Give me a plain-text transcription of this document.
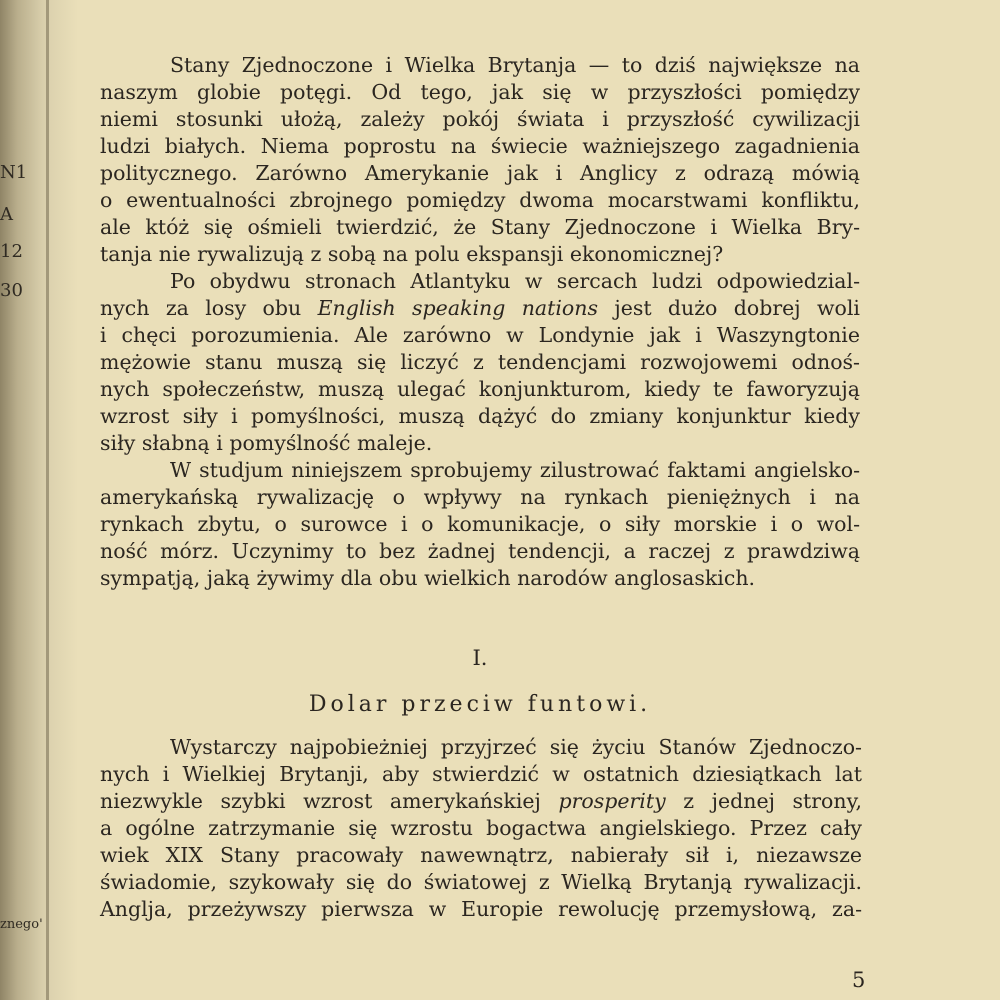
N1
A
12
30
znego'
Stany Zjednoczone i Wielka Brytanja — to dziś największe na
naszym globie potęgi. Od tego, jak się w przyszłości pomiędzy
niemi stosunki ułożą, zależy pokój świata i przyszłość cywilizacji
ludzi białych. Niema poprostu na świecie ważniejszego zagadnienia
politycznego. Zarówno Amerykanie jak i Anglicy z odrazą mówią
o ewentualności zbrojnego pomiędzy dwoma mocarstwami konfliktu,
ale któż się ośmieli twierdzić, że Stany Zjednoczone i Wielka Bry-
tanja nie rywalizują z sobą na polu ekspansji ekonomicznej?
Po obydwu stronach Atlantyku w sercach ludzi odpowiedzial-
nych za losy obu English speaking nations jest dużo dobrej woli
i chęci porozumienia. Ale zarówno w Londynie jak i Waszyngtonie
mężowie stanu muszą się liczyć z tendencjami rozwojowemi odnoś-
nych społeczeństw, muszą ulegać konjunkturom, kiedy te faworyzują
wzrost siły i pomyślności, muszą dążyć do zmiany konjunktur kiedy
siły słabną i pomyślność maleje.
W studjum niniejszem sprobujemy zilustrować faktami angielsko-
amerykańską rywalizację o wpływy na rynkach pieniężnych i na
rynkach zbytu, o surowce i o komunikacje, o siły morskie i o wol-
ność mórz. Uczynimy to bez żadnej tendencji, a raczej z prawdziwą
sympatją, jaką żywimy dla obu wielkich narodów anglosaskich.
I.
Dolar przeciw funtowi.
Wystarczy najpobieżniej przyjrzeć się życiu Stanów Zjednoczo-
nych i Wielkiej Brytanji, aby stwierdzić w ostatnich dziesiątkach lat
niezwykle szybki wzrost amerykańskiej prosperity z jednej strony,
a ogólne zatrzymanie się wzrostu bogactwa angielskiego. Przez cały
wiek XIX Stany pracowały nawewnątrz, nabierały sił i, niezawsze
świadomie, szykowały się do światowej z Wielką Brytanją rywalizacji.
Anglja, przeżywszy pierwsza w Europie rewolucję przemysłową, za-
5
